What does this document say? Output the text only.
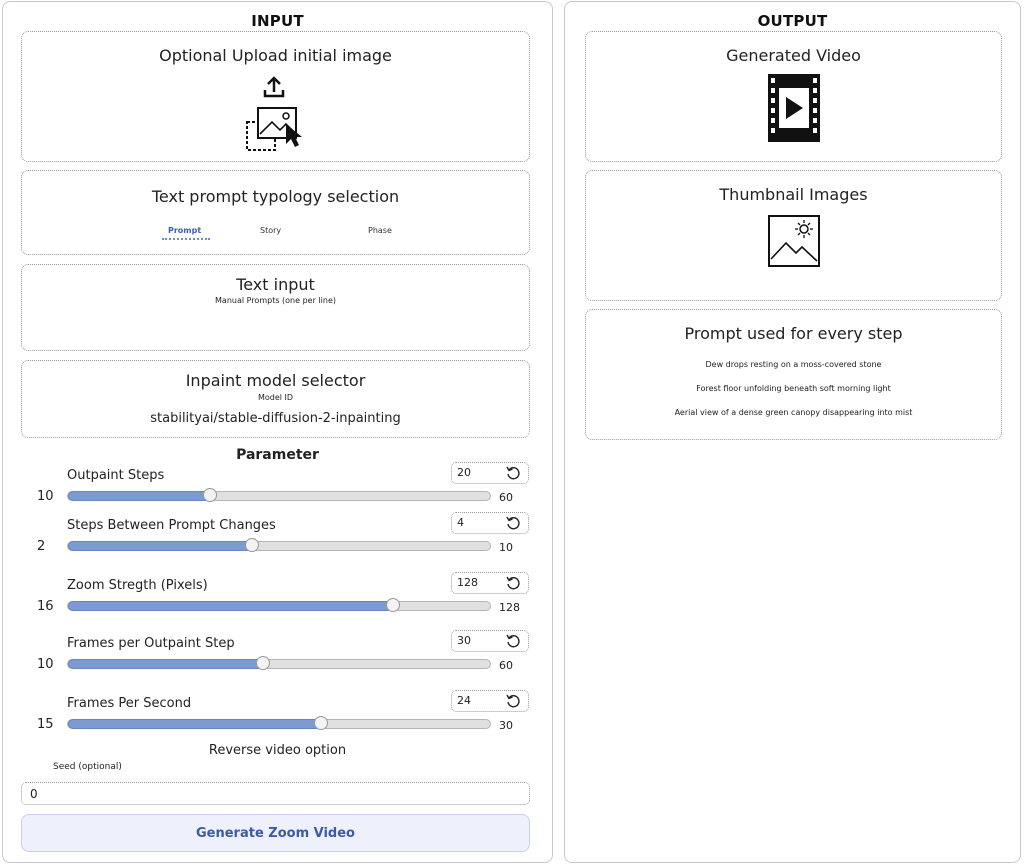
INPUT
Optional Upload initial image
Text prompt typology selection
Prompt	Story	Phase
Text input
Manual Prompts (one per line)
Inpaint model selector
Model ID
stabilityai/stable-diffusion-2-inpainting
Parameter
Outpaint Steps
10	60
20
Steps Between Prompt Changes
2	10
4
Zoom Stregth (Pixels)
16	128
128
Frames per Outpaint Step
10	60
30
Frames Per Second
15	30
24
Reverse video option
Seed (optional)
0
Generate Zoom Video
OUTPUT
Generated Video
Thumbnail Images
Prompt used for every step
Dew drops resting on a moss-covered stone
Forest floor unfolding beneath soft morning light
Aerial view of a dense green canopy disappearing into mist
